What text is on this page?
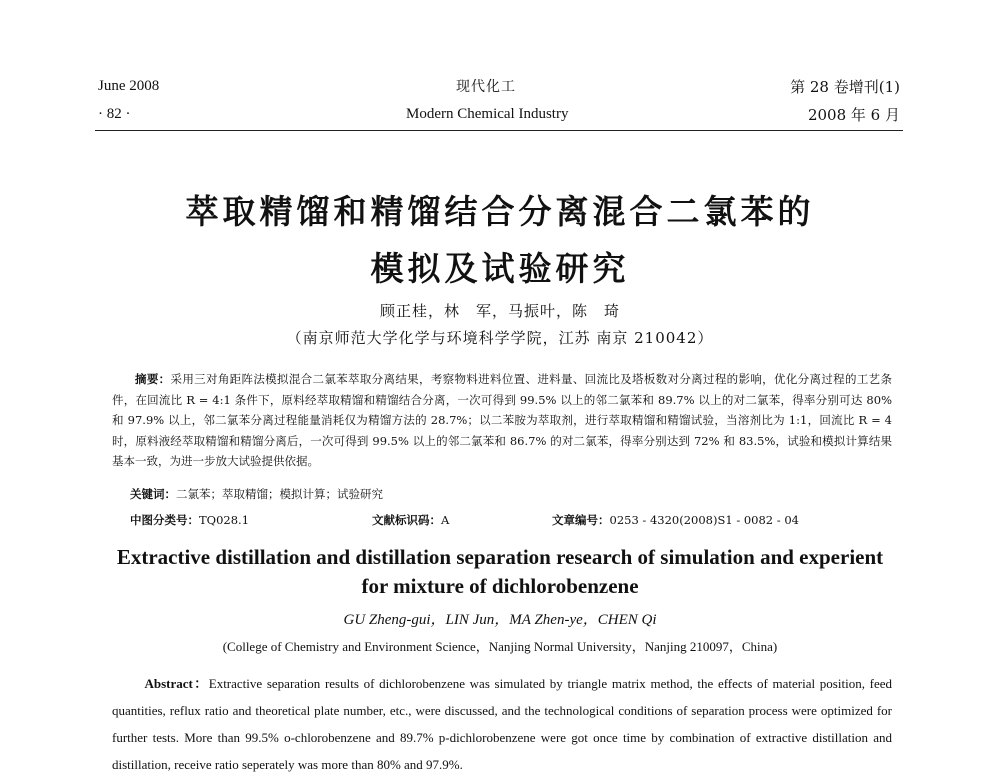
June 2008
· 82 ·
现代化工
Modern Chemical Industry
第 28 卷增刊(1)
2008 年 6 月
萃取精馏和精馏结合分离混合二氯苯的
模拟及试验研究
顾正桂，林　军，马振叶，陈　琦
（南京师范大学化学与环境科学学院，江苏 南京 210042）
摘要：采用三对角距阵法模拟混合二氯苯萃取分离结果，考察物料进料位置、进料量、回流比及塔板数对分离过程的影响，优化分离过程的工艺条件，在回流比 R = 4:1 条件下，原料经萃取精馏和精馏结合分离，一次可得到 99.5% 以上的邻二氯苯和 89.7% 以上的对二氯苯，得率分别可达 80% 和 97.9% 以上，邻二氯苯分离过程能量消耗仅为精馏方法的 28.7%；以二苯胺为萃取剂，进行萃取精馏和精馏试验，当溶剂比为 1:1，回流比 R = 4 时，原料液经萃取精馏和精馏分离后，一次可得到 99.5% 以上的邻二氯苯和 86.7% 的对二氯苯，得率分别达到 72% 和 83.5%，试验和模拟计算结果基本一致，为进一步放大试验提供依据。
关键词：二氯苯；萃取精馏；模拟计算；试验研究
中图分类号：TQ028.1	文献标识码：A	文章编号：0253 - 4320(2008)S1 - 0082 - 04
Extractive distillation and distillation separation research of simulation and experient
for mixture of dichlorobenzene
GU Zheng-gui，LIN Jun，MA Zhen-ye，CHEN Qi
(College of Chemistry and Environment Science，Nanjing Normal University，Nanjing 210097，China)
Abstract：Extractive separation results of dichlorobenzene was simulated by triangle matrix method, the effects of material position, feed quantities, reflux ratio and theoretical plate number, etc., were discussed, and the technological conditions of separation process were optimized for further tests. More than 99.5% o-chlorobenzene and 89.7% p-dichlorobenzene were got once time by combination of extractive distillation and distillation, receive ratio seperately was more than 80% and 97.9%.
